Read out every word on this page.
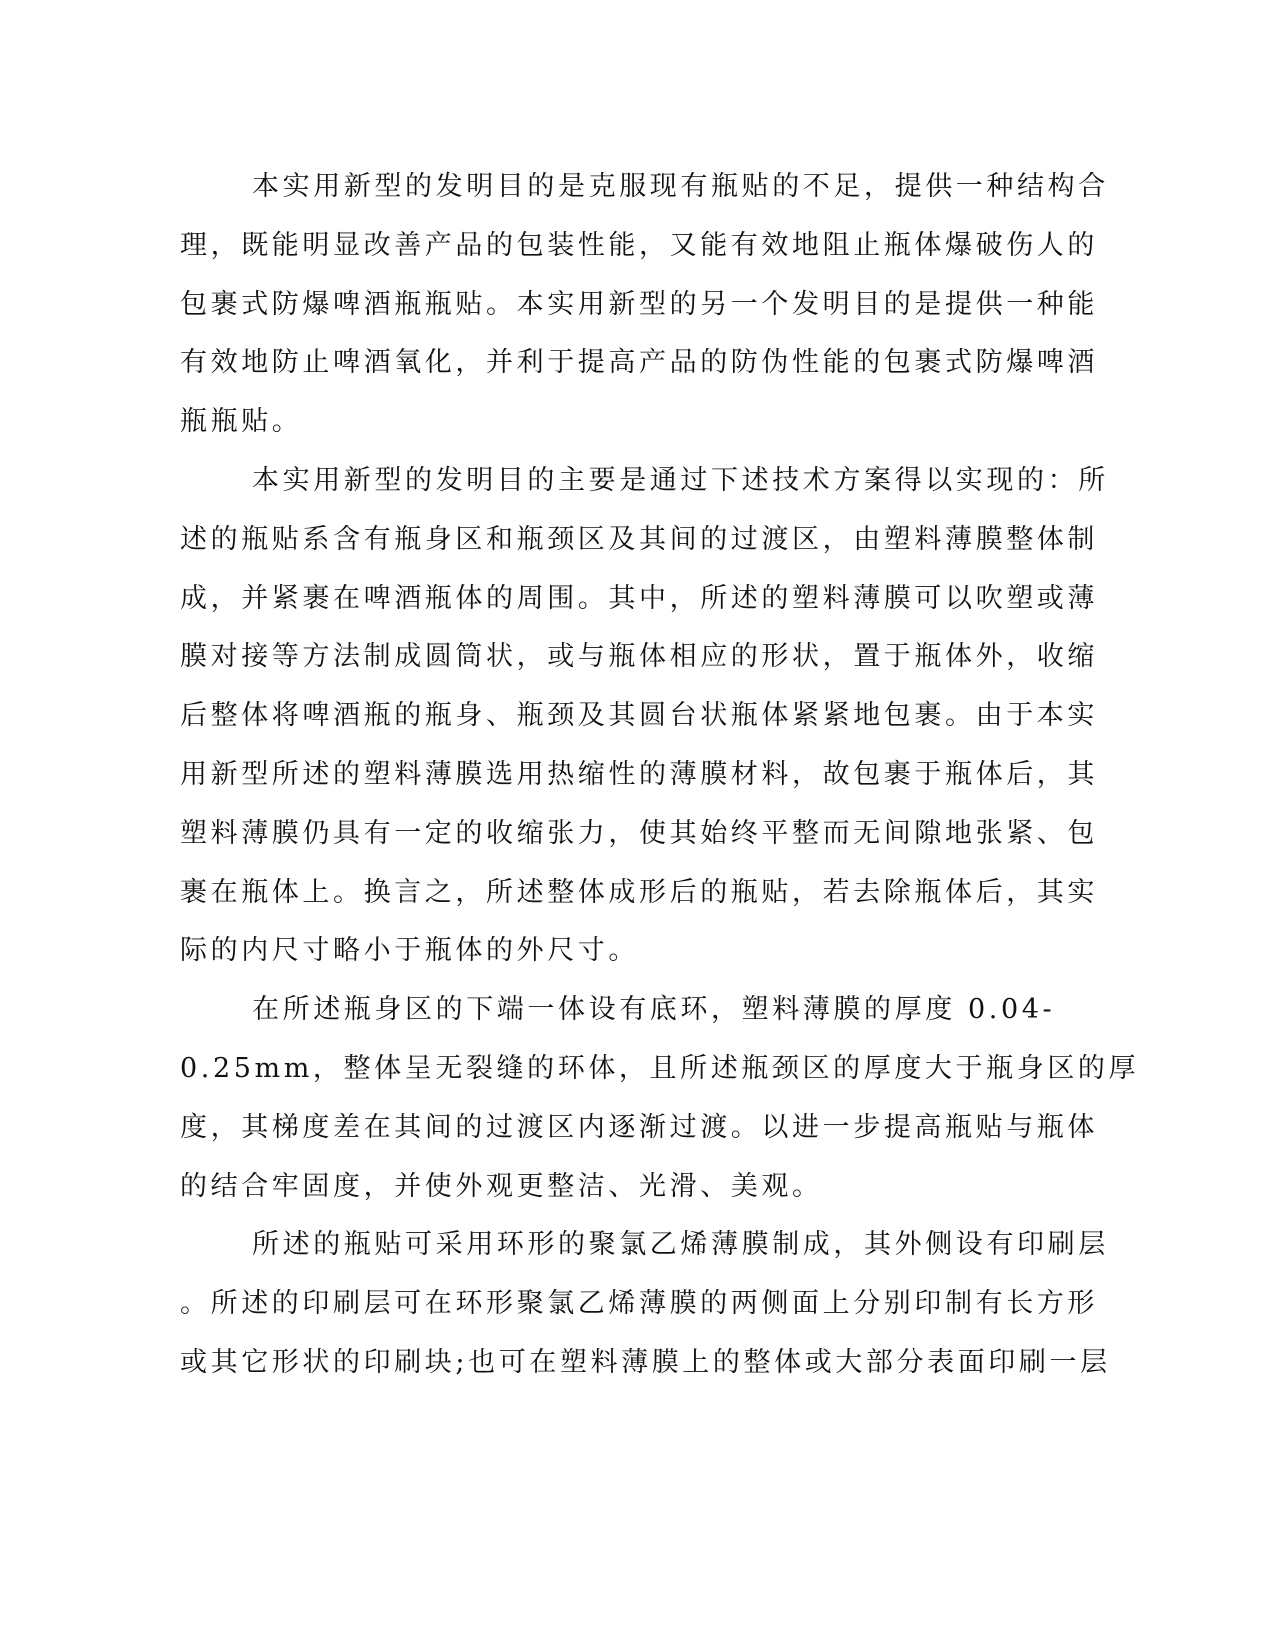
本实用新型的发明目的是克服现有瓶贴的不足，提供一种结构合
理，既能明显改善产品的包装性能，又能有效地阻止瓶体爆破伤人的
包裹式防爆啤酒瓶瓶贴。本实用新型的另一个发明目的是提供一种能
有效地防止啤酒氧化，并利于提高产品的防伪性能的包裹式防爆啤酒
瓶瓶贴。
本实用新型的发明目的主要是通过下述技术方案得以实现的：所
述的瓶贴系含有瓶身区和瓶颈区及其间的过渡区，由塑料薄膜整体制
成，并紧裹在啤酒瓶体的周围。其中，所述的塑料薄膜可以吹塑或薄
膜对接等方法制成圆筒状，或与瓶体相应的形状，置于瓶体外，收缩
后整体将啤酒瓶的瓶身、瓶颈及其圆台状瓶体紧紧地包裹。由于本实
用新型所述的塑料薄膜选用热缩性的薄膜材料，故包裹于瓶体后，其
塑料薄膜仍具有一定的收缩张力，使其始终平整而无间隙地张紧、包
裹在瓶体上。换言之，所述整体成形后的瓶贴，若去除瓶体后，其实
际的内尺寸略小于瓶体的外尺寸。
在所述瓶身区的下端一体设有底环，塑料薄膜的厚度 0.04-
0.25mm，整体呈无裂缝的环体，且所述瓶颈区的厚度大于瓶身区的厚
度，其梯度差在其间的过渡区内逐渐过渡。以进一步提高瓶贴与瓶体
的结合牢固度，并使外观更整洁、光滑、美观。
所述的瓶贴可采用环形的聚氯乙烯薄膜制成，其外侧设有印刷层
。所述的印刷层可在环形聚氯乙烯薄膜的两侧面上分别印制有长方形
或其它形状的印刷块;也可在塑料薄膜上的整体或大部分表面印刷一层
